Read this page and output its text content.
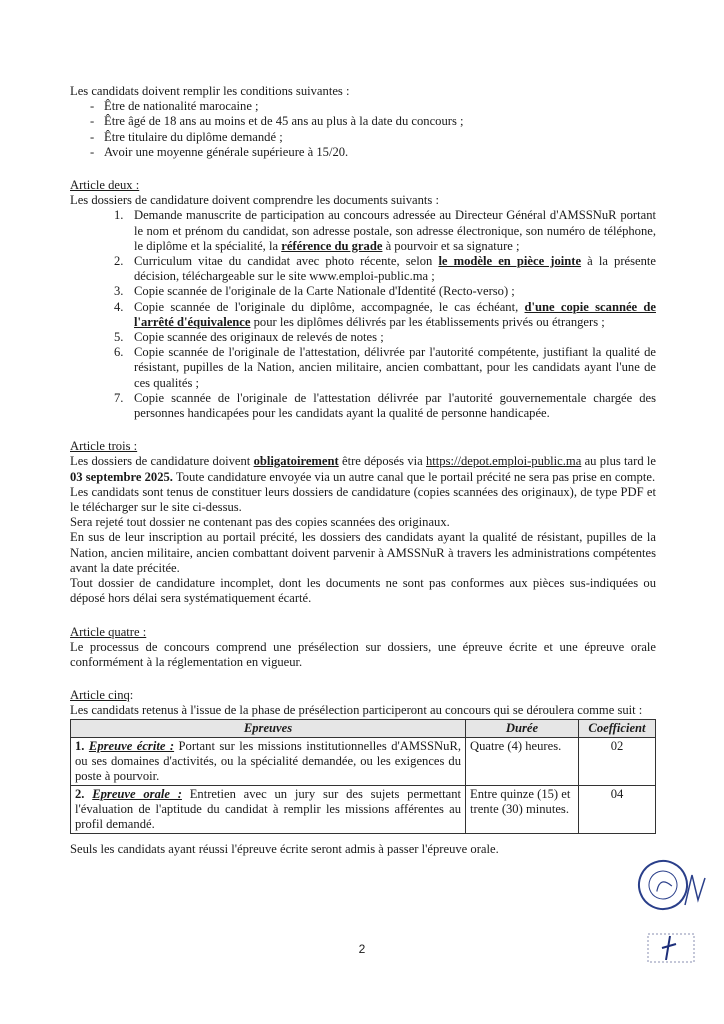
Les candidats doivent remplir les conditions suivantes :

- Être de nationalité marocaine ;
- Être âgé de 18 ans au moins et de 45 ans au plus à la date du concours ;
- Être titulaire du diplôme demandé ;
- Avoir une moyenne générale supérieure à 15/20.
Article deux :

Les dossiers de candidature doivent comprendre les documents suivants :

1. Demande manuscrite de participation au concours adressée au Directeur Général d'AMSSNuR portant le nom et prénom du candidat, son adresse postale, son adresse électronique, son numéro de téléphone, le diplôme et la spécialité, la référence du grade à pourvoir et sa signature ;
2. Curriculum vitae du candidat avec photo récente, selon le modèle en pièce jointe à la présente décision, téléchargeable sur le site www.emploi-public.ma ;
3. Copie scannée de l'originale de la Carte Nationale d'Identité (Recto-verso) ;
4. Copie scannée de l'originale du diplôme, accompagnée, le cas échéant, d'une copie scannée de l'arrêté d'équivalence pour les diplômes délivrés par les établissements privés ou étrangers ;
5. Copie scannée des originaux de relevés de notes ;
6. Copie scannée de l'originale de l'attestation, délivrée par l'autorité compétente, justifiant la qualité de résistant, pupilles de la Nation, ancien militaire, ancien combattant, pour les candidats ayant l'une de ces qualités ;
7. Copie scannée de l'originale de l'attestation délivrée par l'autorité gouvernementale chargée des personnes handicapées pour les candidats ayant la qualité de personne handicapée.
Article trois :

Les dossiers de candidature doivent obligatoirement être déposés via https://depot.emploi-public.ma au plus tard le 03 septembre 2025. Toute candidature envoyée via un autre canal que le portail précité ne sera pas prise en compte.

Les candidats sont tenus de constituer leurs dossiers de candidature (copies scannées des originaux), de type PDF et le télécharger sur le site ci-dessus.

Sera rejeté tout dossier ne contenant pas des copies scannées des originaux.

En sus de leur inscription au portail précité, les dossiers des candidats ayant la qualité de résistant, pupilles de la Nation, ancien militaire, ancien combattant doivent parvenir à AMSSNuR à travers les administrations compétentes avant la date précitée.

Tout dossier de candidature incomplet, dont les documents ne sont pas conformes aux pièces sus-indiquées ou déposé hors délai sera systématiquement écarté.

Article quatre :

Le processus de concours comprend une présélection sur dossiers, une épreuve écrite et une épreuve orale conformément à la réglementation en vigueur.

Article cinq:

Les candidats retenus à l'issue de la phase de présélection participeront au concours qui se déroulera comme suit :

Epreuves	Durée	Coefficient
1. Epreuve écrite : Portant sur les missions institutionnelles d'AMSSNuR, ou ses domaines d'activités, ou la spécialité demandée, ou les exigences du poste à pourvoir.	Quatre (4) heures.	02
2. Epreuve orale : Entretien avec un jury sur des sujets permettant l'évaluation de l'aptitude du candidat à remplir les missions afférentes au profil demandé.	Entre quinze (15) et trente (30) minutes.	04

Seuls les candidats ayant réussi l'épreuve écrite seront admis à passer l'épreuve orale.

2
